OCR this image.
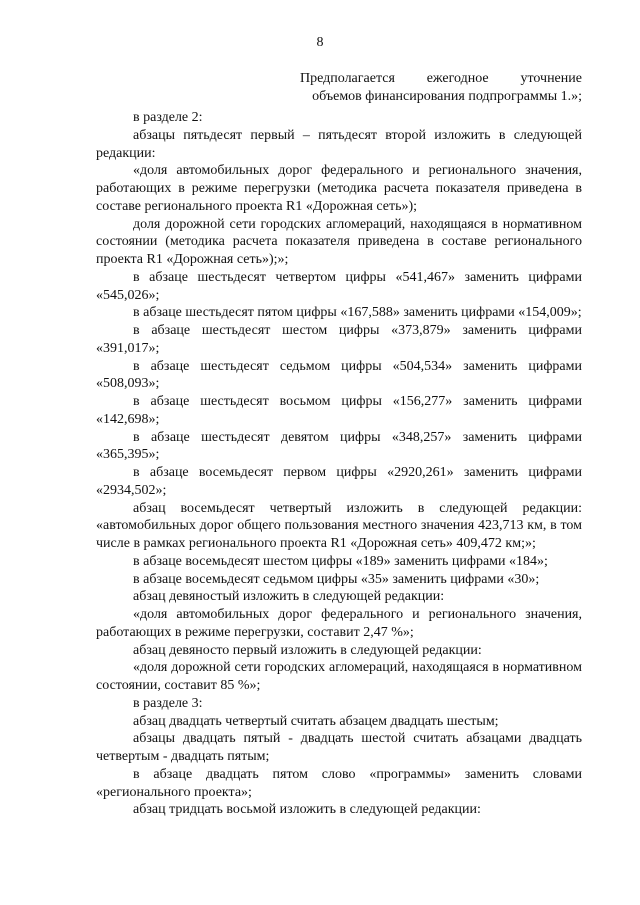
8
Предполагается ежегодное уточнение
объемов финансирования подпрограммы 1.»;

в разделе 2:

абзацы пятьдесят первый – пятьдесят второй изложить в следующей редакции:

«доля автомобильных дорог федерального и регионального значения, работающих в режиме перегрузки (методика расчета показателя приведена в составе регионального проекта R1 «Дорожная сеть»);

доля дорожной сети городских агломераций, находящаяся в нормативном состоянии (методика расчета показателя приведена в составе регионального проекта R1 «Дорожная сеть»);»;

в абзаце шестьдесят четвертом цифры «541,467» заменить цифрами «545,026»;

в абзаце шестьдесят пятом цифры «167,588» заменить цифрами «154,009»;

в абзаце шестьдесят шестом цифры «373,879» заменить цифрами «391,017»;

в абзаце шестьдесят седьмом цифры «504,534» заменить цифрами «508,093»;

в абзаце шестьдесят восьмом цифры «156,277» заменить цифрами «142,698»;

в абзаце шестьдесят девятом цифры «348,257» заменить цифрами «365,395»;

в абзаце восемьдесят первом цифры «2920,261» заменить цифрами «2934,502»;

абзац восемьдесят четвертый изложить в следующей редакции: «автомобильных дорог общего пользования местного значения 423,713 км, в том числе в рамках регионального проекта R1 «Дорожная сеть» 409,472 км;»;

в абзаце восемьдесят шестом цифры «189» заменить цифрами «184»;

в абзаце восемьдесят седьмом цифры «35» заменить цифрами «30»;

абзац девяностый изложить в следующей редакции:

«доля автомобильных дорог федерального и регионального значения, работающих в режиме перегрузки, составит 2,47 %»;

абзац девяносто первый изложить в следующей редакции:

«доля дорожной сети городских агломераций, находящаяся в нормативном состоянии, составит 85 %»;

в разделе 3:

абзац двадцать четвертый считать абзацем двадцать шестым;

абзацы двадцать пятый - двадцать шестой считать абзацами двадцать четвертым - двадцать пятым;

в абзаце двадцать пятом слово «программы» заменить словами «регионального проекта»;

абзац тридцать восьмой изложить в следующей редакции:
